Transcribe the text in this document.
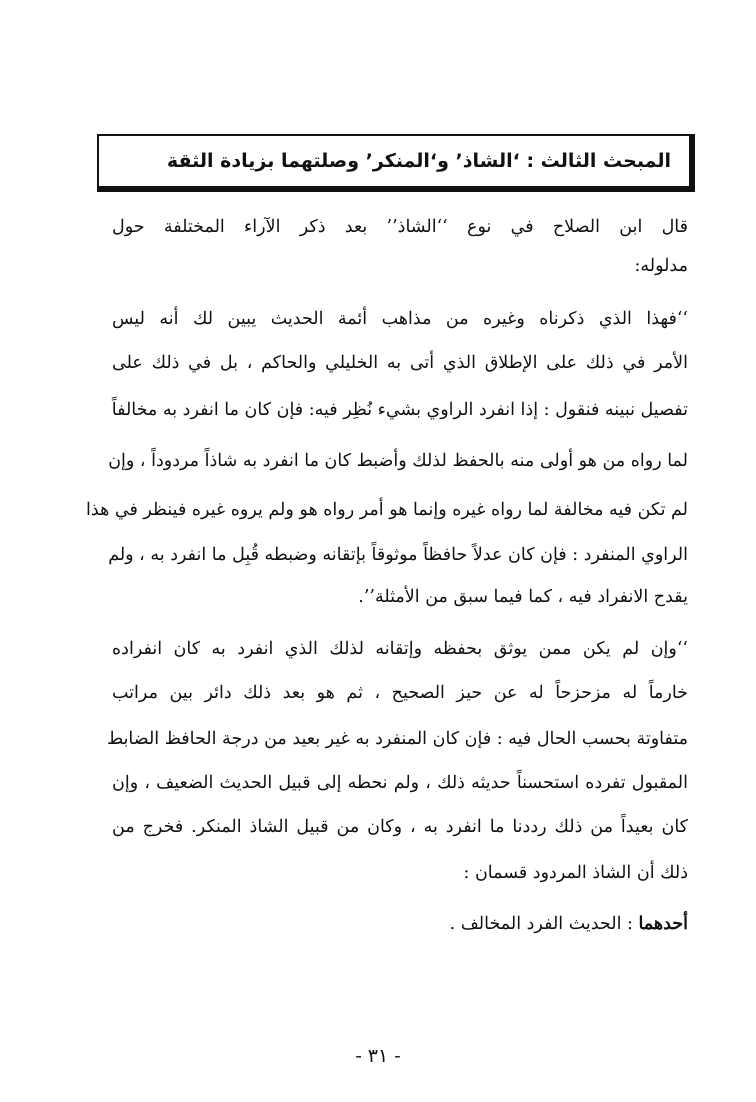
المبحث الثالث : ‘الشاذ’ و‘المنكر’ وصلتهما بزيادة الثقة
قال ابن الصلاح في نوع ‘‘الشاذ’’ بعد ذكر الآراء المختلفة حول
مدلوله:
‘‘فهذا الذي ذكرناه وغيره من مذاهب أئمة الحديث يبين لك أنه ليس
الأمر في ذلك على الإطلاق الذي أتى به الخليلي والحاكم ، بل في ذلك على
تفصيل نبينه فنقول : إذا انفرد الراوي بشيء نُظِر فيه: فإن كان ما انفرد به مخالفاً
لما رواه من هو أولى منه بالحفظ لذلك وأضبط كان ما انفرد به شاذاً مردوداً ، وإن
لم تكن فيه مخالفة لما رواه غيره وإنما هو أمر رواه هو ولم يروه غيره فينظر في هذا
الراوي المنفرد : فإن كان عدلاً حافظاً موثوقاً بإتقانه وضبطه قُبِل ما انفرد به ، ولم
يقدح الانفراد فيه ، كما فيما سبق من الأمثلة’’.
‘‘وإن لم يكن ممن يوثق بحفظه وإتقانه لذلك الذي انفرد به كان انفراده
خارماً له مزحزحاً له عن حيز الصحيح ، ثم هو بعد ذلك دائر بين مراتب
متفاوتة بحسب الحال فيه : فإن كان المنفرد به غير بعيد من درجة الحافظ الضابط
المقبول تفرده استحسناً حديثه ذلك ، ولم نحطه إلى قبيل الحديث الضعيف ، وإن
كان بعيداً من ذلك رددنا ما انفرد به ، وكان من قبيل الشاذ المنكر. فخرج من
ذلك أن الشاذ المردود قسمان :
أحدهما : الحديث الفرد المخالف .
- ٣١ -
